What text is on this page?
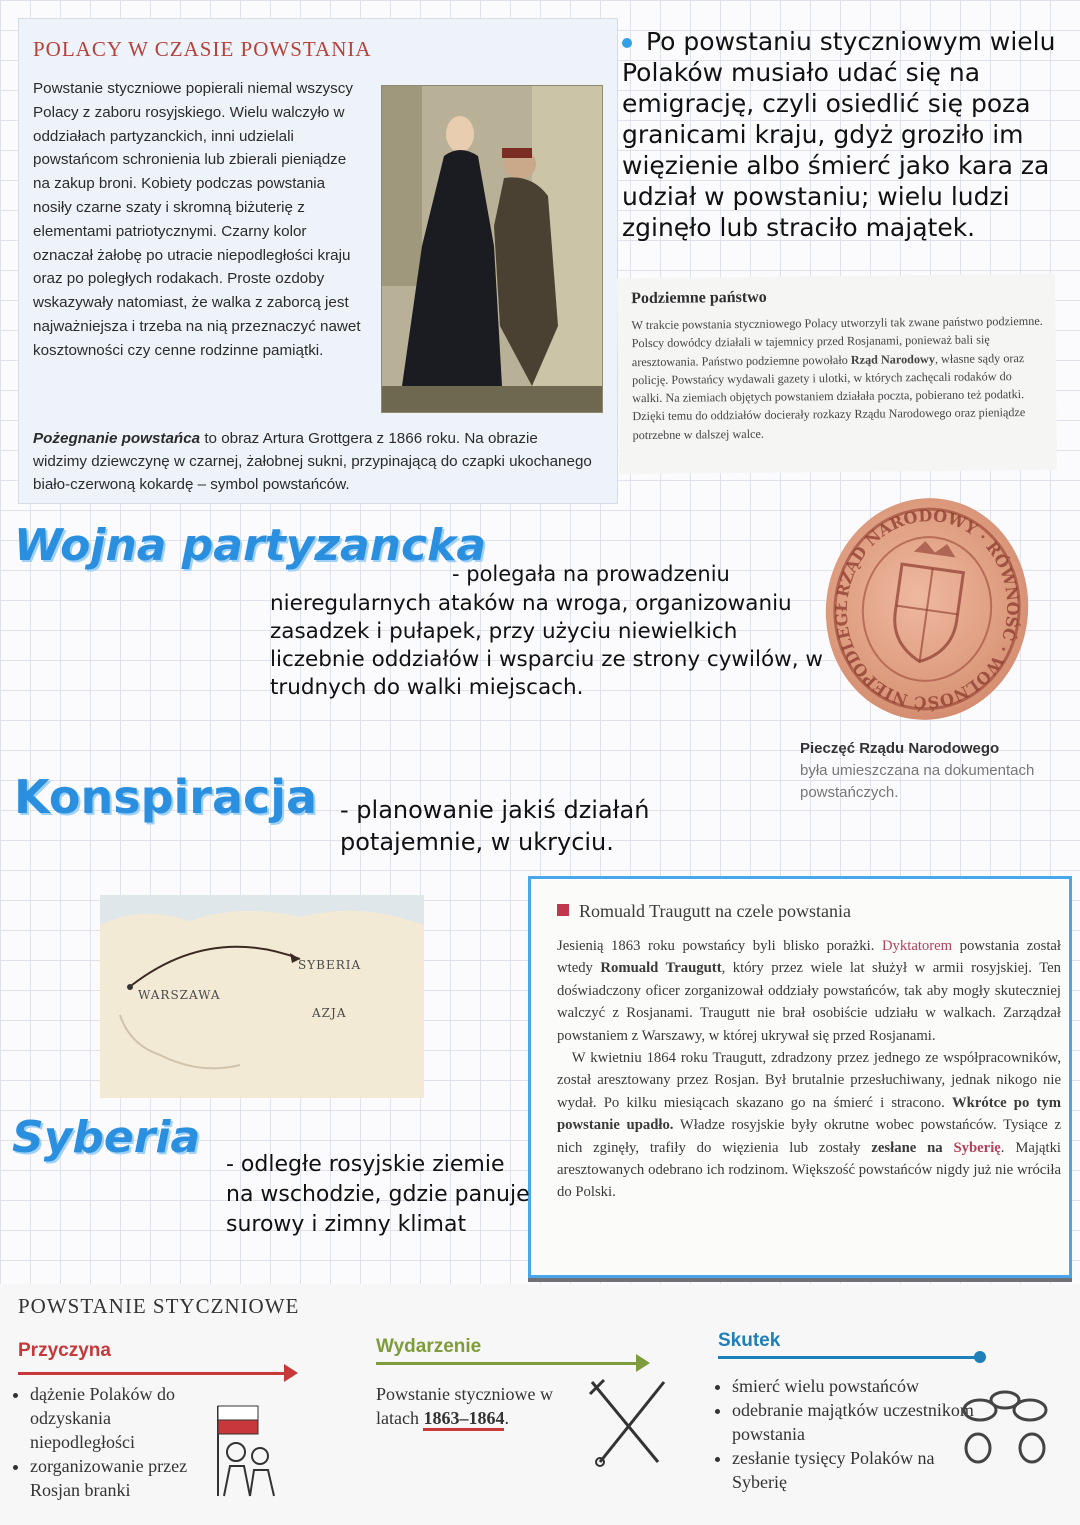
POLACY W CZASIE POWSTANIA
Powstanie styczniowe popierali niemal wszyscy Polacy z zaboru rosyjskiego. Wielu walczyło w oddziałach partyzanckich, inni udzielali powstańcom schronienia lub zbierali pieniądze na zakup broni. Kobiety podczas powstania nosiły czarne szaty i skromną biżuterię z elementami patriotycznymi. Czarny kolor oznaczał żałobę po utracie niepodległości kraju oraz po poległych rodakach. Proste ozdoby wskazywały natomiast, że walka z zaborcą jest najważniejsza i trzeba na nią przeznaczyć nawet kosztowności czy cenne rodzinne pamiątki.
Pożegnanie powstańca to obraz Artura Grottgera z 1866 roku. Na obrazie widzimy dziewczynę w czarnej, żałobnej sukni, przypinającą do czapki ukochanego biało-czerwoną kokardę – symbol powstańców.
Po powstaniu styczniowym wielu Polaków musiało udać się na emigrację, czyli osiedlić się poza granicami kraju, gdyż groziło im więzienie albo śmierć jako kara za udział w powstaniu; wielu ludzi zginęło lub straciło majątek.
Podziemne państwo
W trakcie powstania styczniowego Polacy utworzyli tak zwane państwo podziemne. Polscy dowódcy działali w tajemnicy przed Rosjanami, ponieważ bali się aresztowania. Państwo podziemne powołało Rząd Narodowy, własne sądy oraz policję. Powstańcy wydawali gazety i ulotki, w których zachęcali rodaków do walki. Na ziemiach objętych powstaniem działała poczta, pobierano też podatki. Dzięki temu do oddziałów docierały rozkazy Rządu Narodowego oraz pieniądze potrzebne w dalszej walce.
Wojna partyzancka
- polegała na prowadzeniu
nieregularnych ataków na wroga, organizowaniu zasadzek i pułapek, przy użyciu niewielkich liczebnie oddziałów i wsparciu ze strony cywilów, w trudnych do walki miejscach.
RZĄD NARODOWY · RÓWNOŚĆ · WOLNOŚĆ NIEPODLEGŁOŚĆ
Pieczęć Rządu Narodowego
była umieszczana na dokumentach powstańczych.
Konspiracja - planowanie jakiś działań potajemnie, w ukryciu.
WARSZAWA
SYBERIA
AZJA
Romuald Traugutt na czele powstania
Jesienią 1863 roku powstańcy byli blisko porażki. Dyktatorem powstania został wtedy Romuald Traugutt, który przez wiele lat służył w armii rosyjskiej. Ten doświadczony oficer zorganizował oddziały powstańców, tak aby mogły skuteczniej walczyć z Rosjanami. Traugutt nie brał osobiście udziału w walkach. Zarządzał powstaniem z Warszawy, w której ukrywał się przed Rosjanami.
W kwietniu 1864 roku Traugutt, zdradzony przez jednego ze współpracowników, został aresztowany przez Rosjan. Był brutalnie przesłuchiwany, jednak nikogo nie wydał. Po kilku miesiącach skazano go na śmierć i stracono. Wkrótce po tym powstanie upadło. Władze rosyjskie były okrutne wobec powstańców. Tysiące z nich zginęły, trafiły do więzienia lub zostały zesłane na Syberię. Majątki aresztowanych odebrano ich rodzinom. Większość powstańców nigdy już nie wróciła do Polski.
Syberia
- odległe rosyjskie ziemie na wschodzie, gdzie panuje surowy i zimny klimat
POWSTANIE STYCZNIOWE
Przyczyna
• dążenie Polaków do odzyskania niepodległości
• zorganizowanie przez Rosjan branki
Wydarzenie
Powstanie styczniowe w latach 1863–1864.
Skutek
• śmierć wielu powstańców
• odebranie majątków uczestnikom powstania
• zesłanie tysięcy Polaków na Syberię
